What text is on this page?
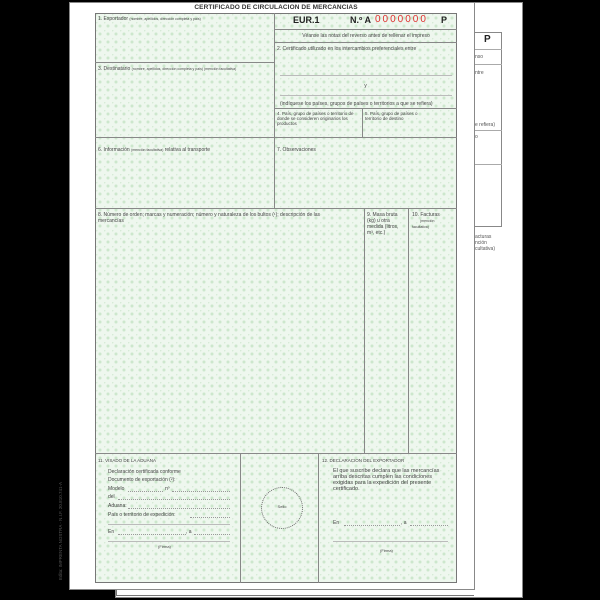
P
nso
ntre
e refiera)
o
acturas
nción
cultativa)
CERTIFICADO DE CIRCULACION DE MERCANCIAS
EUR.1	N.º A 0000000 P
Véanse las notas del reverso antes de rellenar el impreso
1. Exportador (nombre, apellidos, dirección completa y país)
2. Certificado utilizado en los intercambios preferenciales entre
y
(indíquese los países, grupos de países o territorios a que se refiera)
3. Destinatario (nombre, apellidos, dirección completa y país) (mención facultativa)
4. País, grupo de países o territorio de donde se consideren originarios los productos
5. País, grupo de países o territorio de destino
6. Información (mención facultativa) relativa al transporte	7. Observaciones
8. Número de orden; marcas y numeración; número y naturaleza de los bultos (¹); descripción de las mercancías
9. Masa bruta (kg) u otra medida (litros, m³, etc.)
10. Facturas
(mención facultativa)
11. VISADO DE LA ADUANA
Declaración certificada conforme
Documento de exportación (²):
Modelo	nº
del
Aduana:
País o territorio de expedición:
En	, a
(Firma)
Sello
12. DECLARACION DEL EXPORTADOR
El que suscribe declara que las mercancías arriba descritas cumplen las condiciones exigidas para la expedición del presente certificado.
En	, a
(Firma)
Edita: IMPRENTA NOSTRA - N.I.F. 20.810.741-A
